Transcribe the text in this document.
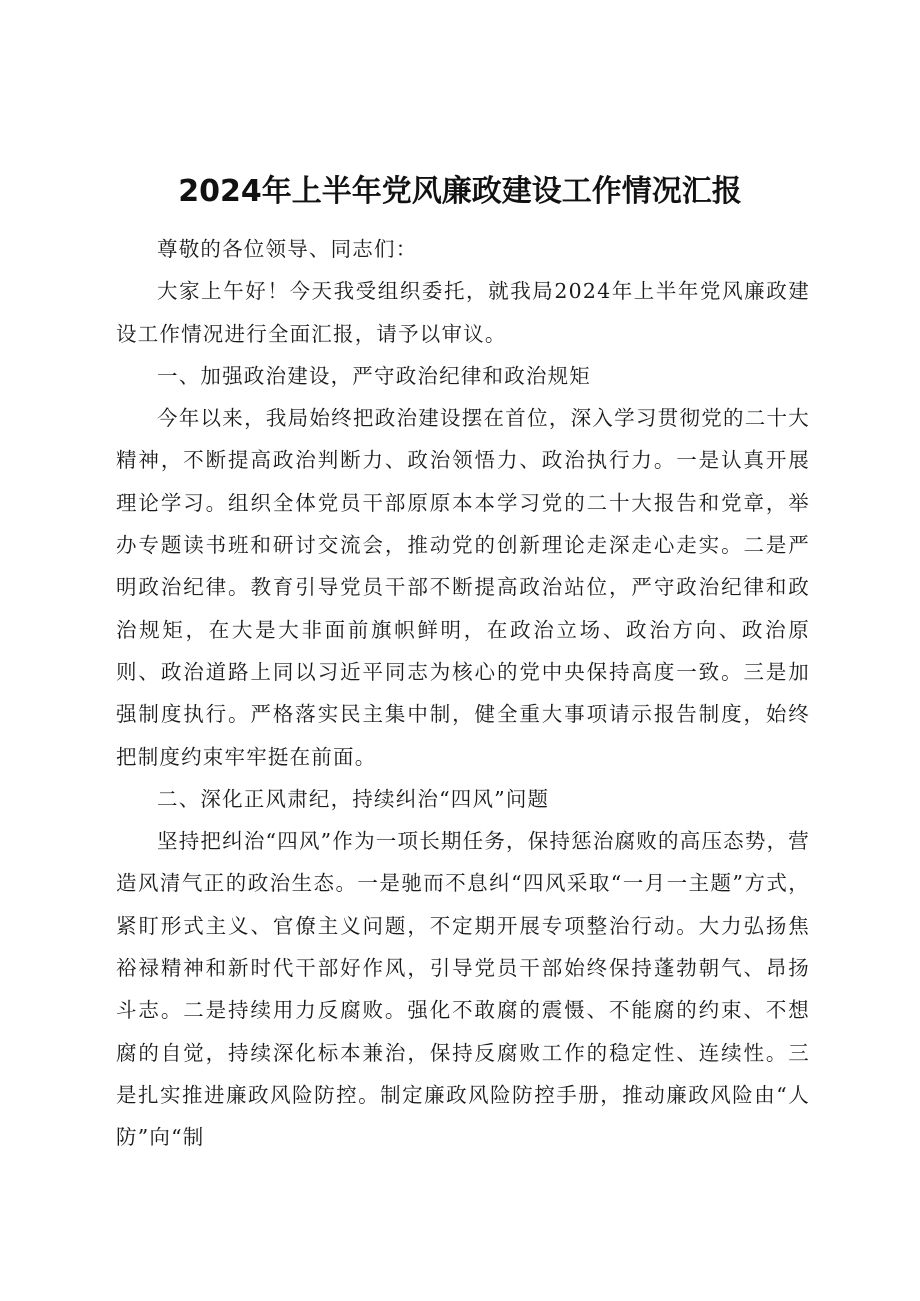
2024年上半年党风廉政建设工作情况汇报

尊敬的各位领导、同志们：

大家上午好！今天我受组织委托，就我局2024年上半年党风廉政建设工作情况进行全面汇报，请予以审议。

一、加强政治建设，严守政治纪律和政治规矩

今年以来，我局始终把政治建设摆在首位，深入学习贯彻党的二十大精神，不断提高政治判断力、政治领悟力、政治执行力。一是认真开展理论学习。组织全体党员干部原原本本学习党的二十大报告和党章，举办专题读书班和研讨交流会，推动党的创新理论走深走心走实。二是严明政治纪律。教育引导党员干部不断提高政治站位，严守政治纪律和政治规矩，在大是大非面前旗帜鲜明，在政治立场、政治方向、政治原则、政治道路上同以习近平同志为核心的党中央保持高度一致。三是加强制度执行。严格落实民主集中制，健全重大事项请示报告制度，始终把制度约束牢牢挺在前面。

二、深化正风肃纪，持续纠治“四风”问题

坚持把纠治“四风”作为一项长期任务，保持惩治腐败的高压态势，营造风清气正的政治生态。一是驰而不息纠“四风采取“一月一主题”方式，紧盯形式主义、官僚主义问题，不定期开展专项整治行动。大力弘扬焦裕禄精神和新时代干部好作风，引导党员干部始终保持蓬勃朝气、昂扬斗志。二是持续用力反腐败。强化不敢腐的震慑、不能腐的约束、不想腐的自觉，持续深化标本兼治，保持反腐败工作的稳定性、连续性。三是扎实推进廉政风险防控。制定廉政风险防控手册，推动廉政风险由“人防”向“制
